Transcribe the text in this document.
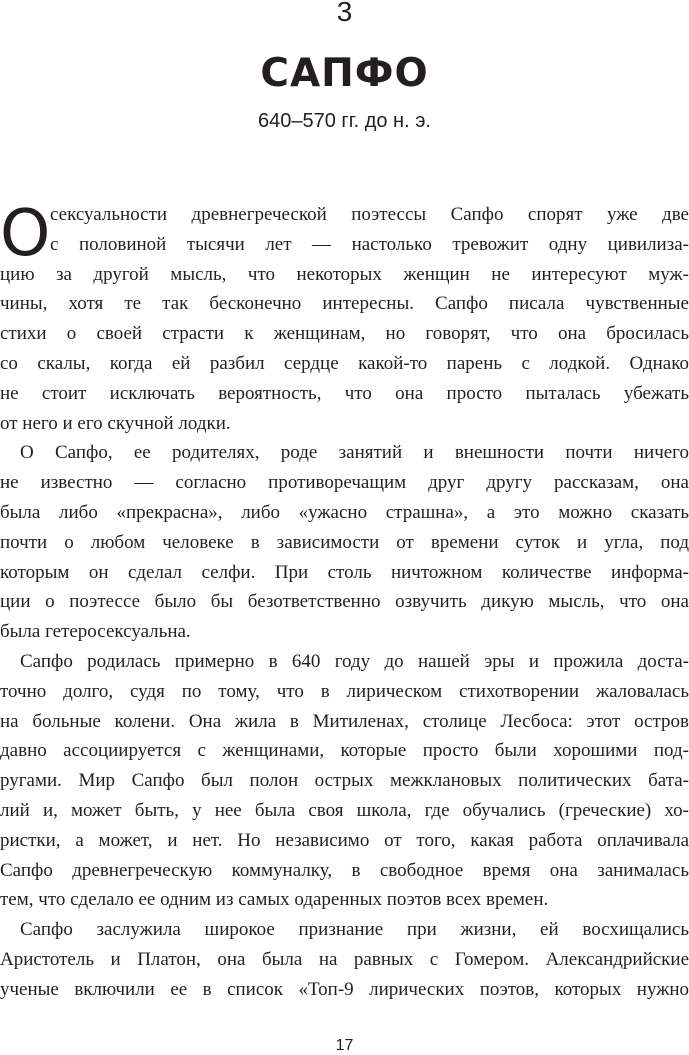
3
САПФО
640–570 гг. до н. э.
О сексуальности древнегреческой поэтессы Сапфо спорят уже две
с половиной тысячи лет — настолько тревожит одну цивилиза-
цию за другой мысль, что некоторых женщин не интересуют муж-
чины, хотя те так бесконечно интересны. Сапфо писала чувственные
стихи о своей страсти к женщинам, но говорят, что она бросилась
со скалы, когда ей разбил сердце какой-то парень с лодкой. Однако
не стоит исключать вероятность, что она просто пыталась убежать
от него и его скучной лодки.
О Сапфо, ее родителях, роде занятий и внешности почти ничего
не известно — согласно противоречащим друг другу рассказам, она
была либо «прекрасна», либо «ужасно страшна», а это можно сказать
почти о любом человеке в зависимости от времени суток и угла, под
которым он сделал селфи. При столь ничтожном количестве информа-
ции о поэтессе было бы безответственно озвучить дикую мысль, что она
была гетеросексуальна.
Сапфо родилась примерно в 640 году до нашей эры и прожила доста-
точно долго, судя по тому, что в лирическом стихотворении жаловалась
на больные колени. Она жила в Митиленах, столице Лесбоса: этот остров
давно ассоциируется с женщинами, которые просто были хорошими под-
ругами. Мир Сапфо был полон острых межклановых политических бата-
лий и, может быть, у нее была своя школа, где обучались (греческие) хо-
ристки, а может, и нет. Но независимо от того, какая работа оплачивала
Сапфо древнегреческую коммуналку, в свободное время она занималась
тем, что сделало ее одним из самых одаренных поэтов всех времен.
Сапфо заслужила широкое признание при жизни, ей восхищались
Аристотель и Платон, она была на равных с Гомером. Александрийские
ученые включили ее в список «Топ-9 лирических поэтов, которых нужно
17
